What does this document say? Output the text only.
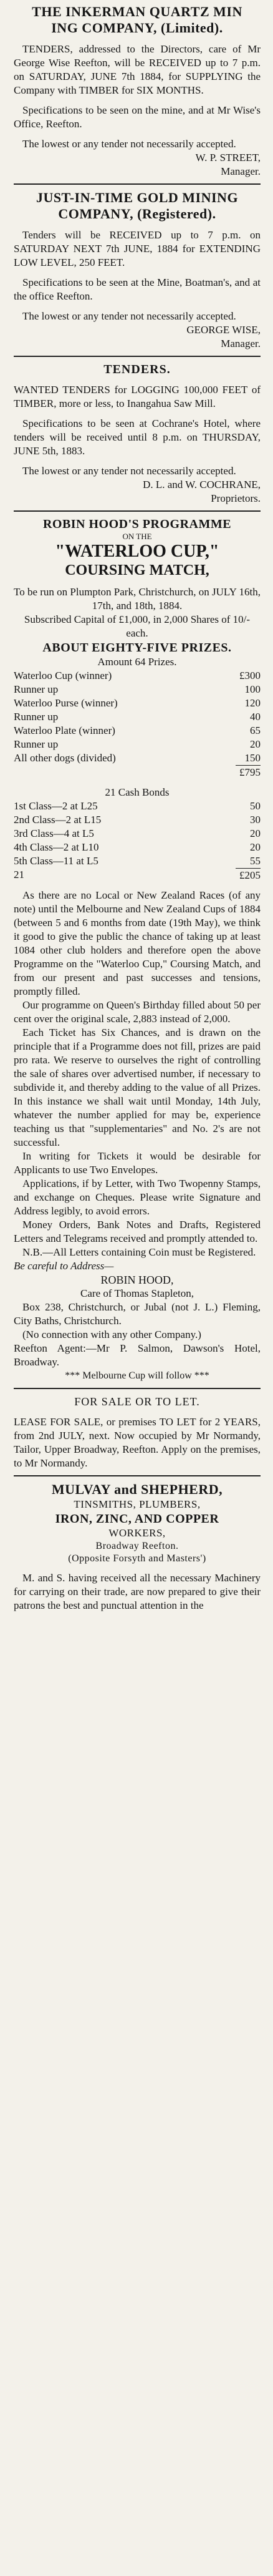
THE INKERMAN QUARTZ MIN
ING COMPANY, (Limited).

TENDERS, addressed to the Directors, care of Mr George Wise Reefton, will be RECEIVED up to 7 p.m. on SATURDAY, JUNE 7th 1884, for SUPPLYING the Company with TIMBER for SIX MONTHS.

Specifications to be seen on the mine, and at Mr Wise's Office, Reefton.

The lowest or any tender not necessarily accepted.

W. P. STREET,
Manager.
JUST-IN-TIME GOLD MINING
COMPANY, (Registered).

Tenders will be RECEIVED up to 7 p.m. on SATURDAY NEXT 7th JUNE, 1884 for EXTENDING LOW LEVEL, 250 FEET.

Specifications to be seen at the Mine, Boatman's, and at the office Reefton.

The lowest or any tender not necessarily accepted.

GEORGE WISE,
Manager.
TENDERS.

WANTED TENDERS for LOGGING 100,000 FEET of TIMBER, more or less, to Inangahua Saw Mill.

Specifications to be seen at Cochrane's Hotel, where tenders will be received until 8 p.m. on THURSDAY, JUNE 5th, 1883.

The lowest or any tender not necessarily accepted.

D. L. and W. COCHRANE,
Proprietors.
ROBIN HOOD'S PROGRAMME
ON THE
"WATERLOO CUP,"
COURSING MATCH,

To be run on Plumpton Park, Christchurch, on JULY 16th, 17th, and 18th, 1884.

Subscribed Capital of £1,000, in 2,000 Shares of 10/- each.

ABOUT EIGHTY-FIVE PRIZES.
Amount 64 Prizes.
Waterloo Cup (winner)	£300
Runner up	100
Waterloo Purse (winner)	120
Runner up	40
Waterloo Plate (winner)	65
Runner up	20
All other dogs (divided)	150
£795
21 Cash Bonds
1st Class—2 at L25	50
2nd Class—2 at L15	30
3rd Class—4 at L5	20
4th Class—2 at L10	20
5th Class—11 at L5	55
21	£205

As there are no Local or New Zealand Races (of any note) until the Melbourne and New Zealand Cups of 1884 (between 5 and 6 months from date (19th May), we think it good to give the public the chance of taking up at least 1084 other club holders and therefore open the above Programme on the "Waterloo Cup," Coursing Match, and from our present and past successes and tensions, promptly filled.

Our programme on Queen's Birthday filled about 50 per cent over the original scale, 2,883 instead of 2,000.

Each Ticket has Six Chances, and is drawn on the principle that if a Programme does not fill, prizes are paid pro rata. We reserve to ourselves the right of controlling the sale of shares over advertised number, if necessary to subdivide it, and thereby adding to the value of all Prizes. In this instance we shall wait until Monday, 14th July, whatever the number applied for may be, experience teaching us that "supplementaries" and No. 2's are not successful.

In writing for Tickets it would be desirable for Applicants to use Two Envelopes.

Applications, if by Letter, with Two Twopenny Stamps, and exchange on Cheques. Please write Signature and Address legibly, to avoid errors.

Money Orders, Bank Notes and Drafts, Registered Letters and Telegrams received and promptly attended to.

N.B.—All Letters containing Coin must be Registered.

Be careful to Address—
ROBIN HOOD,
Care of Thomas Stapleton,

Box 238, Christchurch, or Jubal (not J. L.) Fleming, City Baths, Christchurch.

(No connection with any other Company.)

Reefton Agent:—Mr P. Salmon, Dawson's Hotel, Broadway.

*** Melbourne Cup will follow ***
FOR SALE OR TO LET.

LEASE FOR SALE, or premises TO LET for 2 YEARS, from 2nd JULY, next. Now occupied by Mr Normandy, Tailor, Upper Broadway, Reefton. Apply on the premises, to Mr Normandy.

MULVAY and SHEPHERD,
TINSMITHS, PLUMBERS,
IRON, ZINC, AND COPPER
WORKERS,
Broadway Reefton.
(Opposite Forsyth and Masters')

M. and S. having received all the necessary Machinery for carrying on their trade, are now prepared to give their patrons the best and punctual attention in the
